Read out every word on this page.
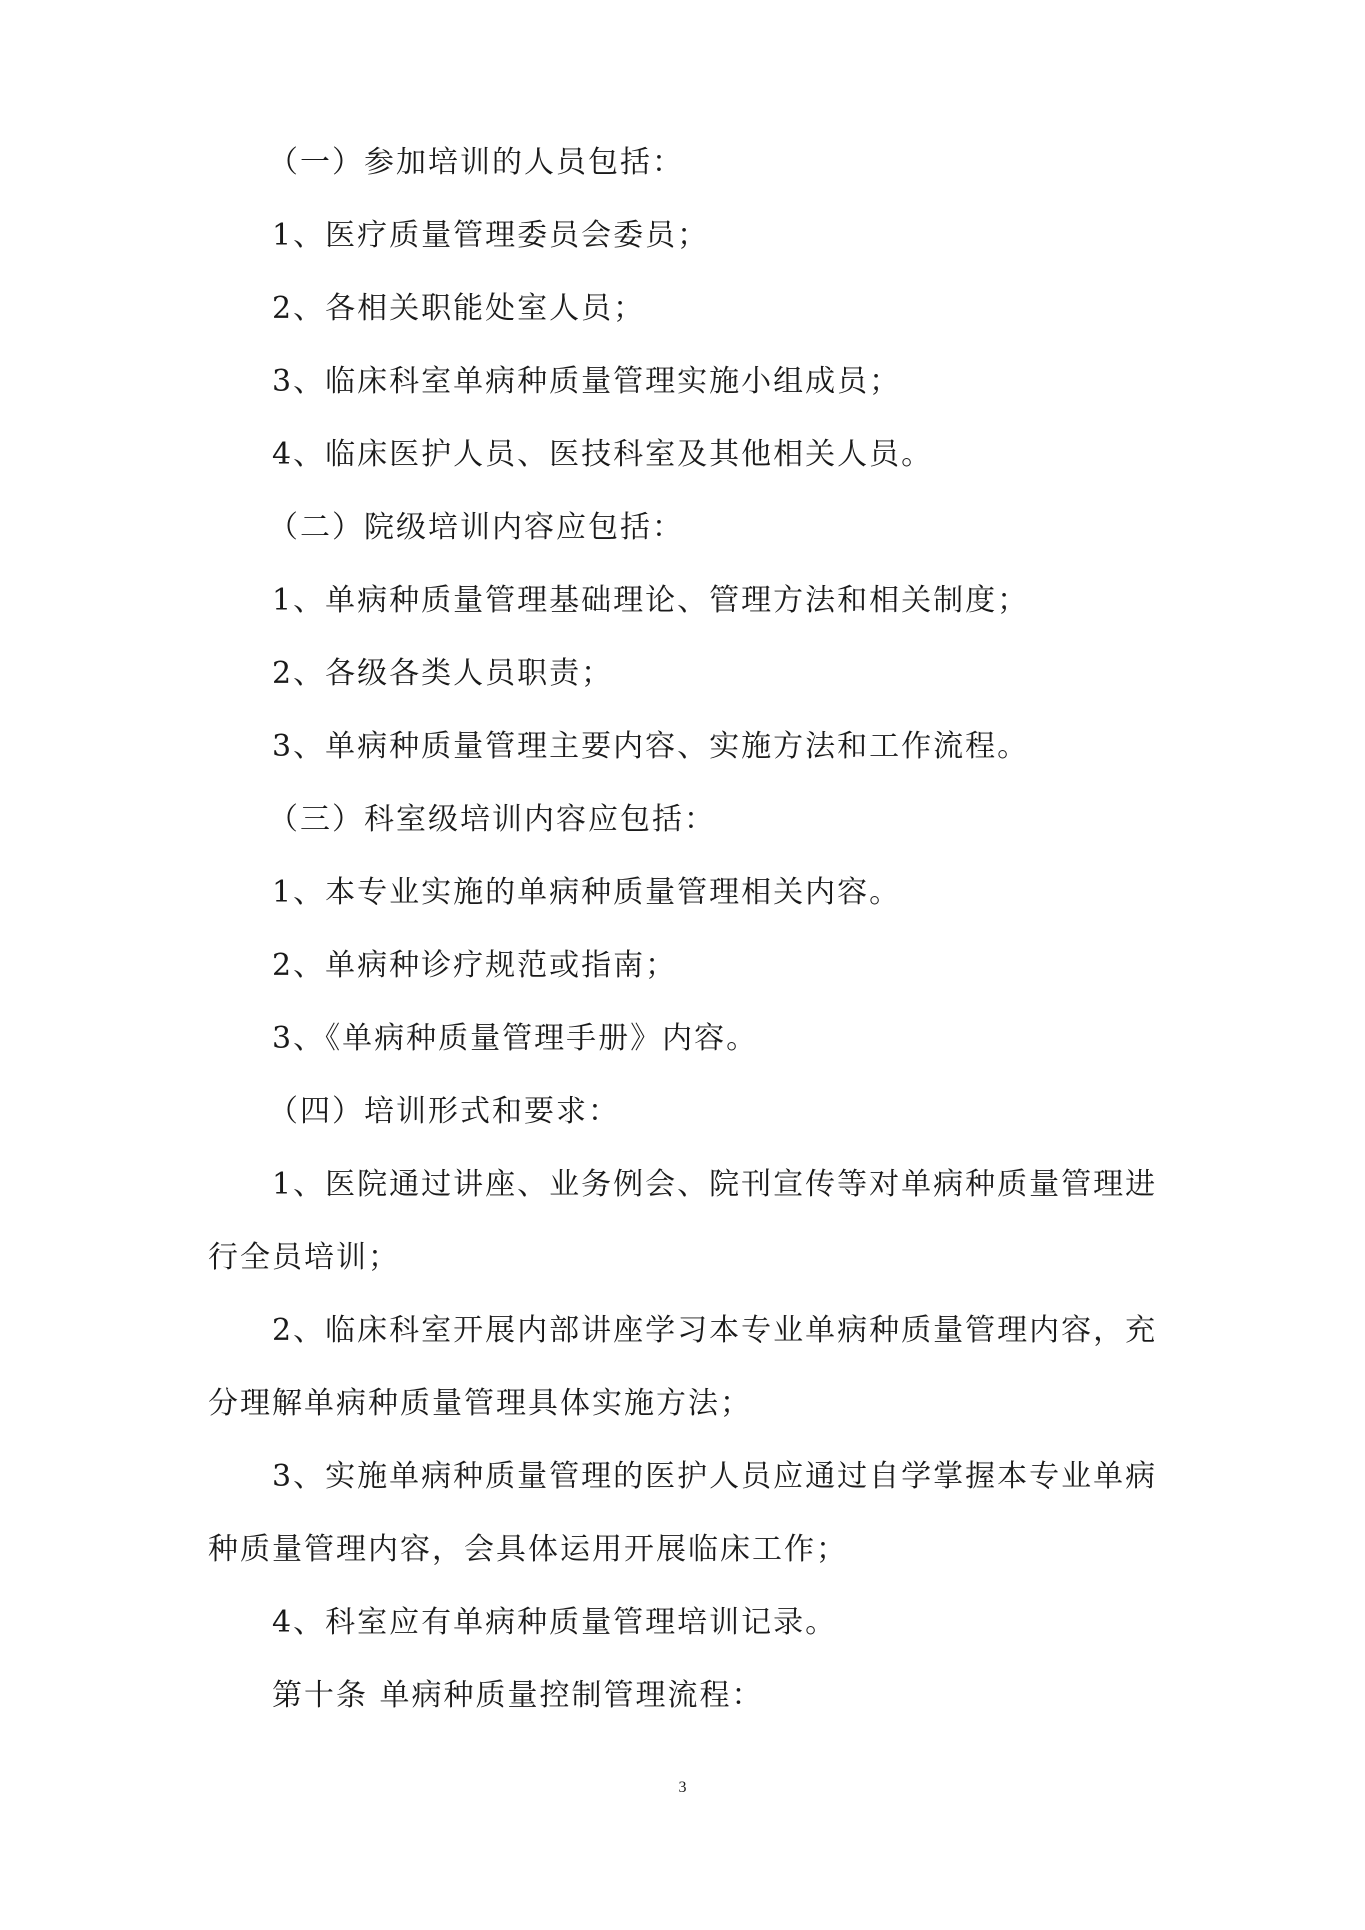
（一）参加培训的人员包括：
1、医疗质量管理委员会委员；
2、各相关职能处室人员；
3、临床科室单病种质量管理实施小组成员；
4、临床医护人员、医技科室及其他相关人员。
（二）院级培训内容应包括：
1、单病种质量管理基础理论、管理方法和相关制度；
2、各级各类人员职责；
3、单病种质量管理主要内容、实施方法和工作流程。
（三）科室级培训内容应包括：
1、本专业实施的单病种质量管理相关内容。
2、单病种诊疗规范或指南；
3、《单病种质量管理手册》内容。
（四）培训形式和要求：
1、医院通过讲座、业务例会、院刊宣传等对单病种质量管理进
行全员培训；
2、临床科室开展内部讲座学习本专业单病种质量管理内容，充
分理解单病种质量管理具体实施方法；
3、实施单病种质量管理的医护人员应通过自学掌握本专业单病
种质量管理内容，会具体运用开展临床工作；
4、科室应有单病种质量管理培训记录。
第十条 单病种质量控制管理流程：
3
